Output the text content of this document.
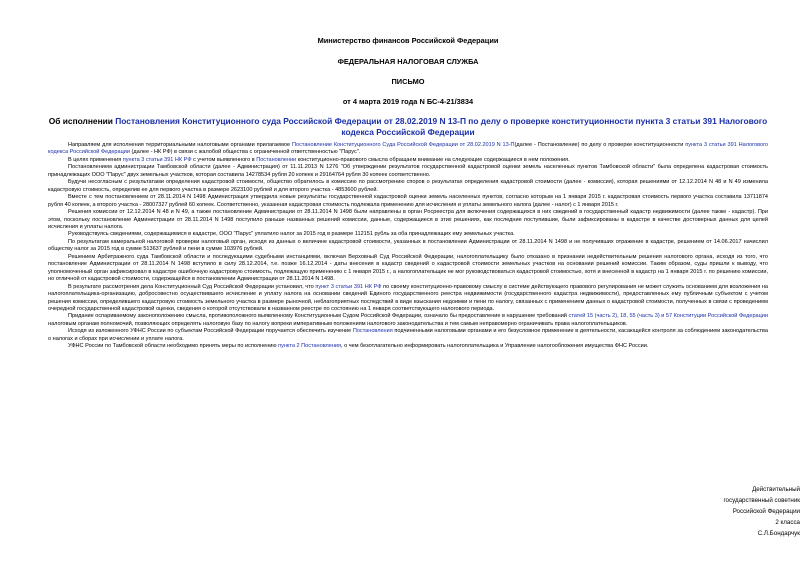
Министерство финансов Российской Федерации
ФЕДЕРАЛЬНАЯ НАЛОГОВАЯ СЛУЖБА
ПИСЬМО
от 4 марта 2019 года N БС-4-21/3834
Об исполнении Постановления Конституционного суда Российской Федерации от 28.02.2019 N 13-П по делу о проверке конституционности пункта 3 статьи 391 Налогового кодекса Российской Федерации

Направляем для исполнения территориальными налоговыми органами прилагаемое Постановление Конституционного Суда Российской Федерации от 28.02.2019 N 13-П(далее - Постановление) по делу о проверке конституционности пункта 3 статьи 391 Налогового кодекса Российской Федерации (далее - НК РФ) в связи с жалобой общества с ограниченной ответственностью "Парус".

В целях применения пункта 3 статьи 391 НК РФ с учетом выявленного в Постановлении конституционно-правового смысла обращаем внимание на следующие содержащиеся в нем положения.

Постановлением администрации Тамбовской области (далее - Администрация) от 11.11.2013 N 1276 "Об утверждении результатов государственной кадастровой оценки земель населенных пунктов Тамбовской области" была определена кадастровая стоимость принадлежащих ООО "Парус" двух земельных участков, которая составила 14278534 рубля 20 копеек и 29164764 рубля 30 копеек соответственно.

Будучи несогласным с результатами определения кадастровой стоимости, общество обратилось в комиссию по рассмотрению споров о результатах определения кадастровой стоимости (далее - комиссия), которая решениями от 12.12.2014 N 48 и N 49 изменила кадастровую стоимость, определив ее для первого участка в размере 2623100 рублей и для второго участка - 4853600 рублей.

Вместе с тем постановлением от 28.11.2014 N 1498 Администрация утвердила новые результаты государственной кадастровой оценки земель населенных пунктов, согласно которым на 1 января 2015 г. кадастровая стоимость первого участка составила 13711874 рубля 40 копеек, а второго участка - 28007327 рублей 60 копеек. Соответственно, указанная кадастровая стоимость подлежала применению для исчисления и уплаты земельного налога (далее - налог) с 1 января 2015 г.

Решения комиссии от 12.12.2014 N 48 и N 49, а также постановление Администрации от 28.11.2014 N 1498 были направлены в орган Росреестра для включения содержащихся в них сведений в государственный кадастр недвижимости (далее также - кадастр). При этом, поскольку постановление Администрации от 28.11.2014 N 1498 поступило раньше названных решений комиссии, данные, содержащиеся в этих решениях, как последние поступившие, были зафиксированы в кадастре в качестве достоверных данных для целей исчисления и уплаты налога.

Руководствуясь сведениями, содержащимися в кадастре, ООО "Парус" уплатило налог за 2015 год в размере 112151 рубль за оба принадлежащих ему земельных участка.

По результатам камеральной налоговой проверки налоговый орган, исходя из данных о величине кадастровой стоимости, указанных в постановлении Администрации от 28.11.2014 N 1498 и не получивших отражение в кадастре, решением от 14.06.2017 начислил обществу налог за 2015 год в сумме 513637 рублей и пени в сумме 103976 рублей.

Решением Арбитражного суда Тамбовской области и последующими судебными инстанциями, включая Верховный Суд Российской Федерации, налогоплательщику было отказано в признании недействительным решения налогового органа, исходя из того, что постановление Администрации от 28.11.2014 N 1498 вступило в силу 28.12.2014, т.е. позже 16.12.2014 - даты внесения в кадастр сведений о кадастровой стоимости земельных участков на основании решений комиссии. Таким образом, суды пришли к выводу, что уполномоченный орган зафиксировал в кадастре ошибочную кадастровую стоимость, подлежащую применению с 1 января 2015 г., а налогоплательщик не мог руководствоваться кадастровой стоимостью, хотя и внесенной в кадастр на 1 января 2015 г. по решению комиссии, но отличной от кадастровой стоимости, содержащейся в постановлении Администрации от 28.11.2014 N 1498.

В результате рассмотрения дела Конституционный Суд Российской Федерации установил, что пункт 3 статьи 391 НК РФ по своему конституционно-правовому смыслу в системе действующего правового регулирования не может служить основанием для возложения на налогоплательщика-организацию, добросовестно осуществившего исчисление и уплату налога на основании сведений Единого государственного реестра недвижимости (государственного кадастра недвижимости), предоставленных ему публичным субъектом с учетом решения комиссии, определившего кадастровую стоимость земельного участка в размере рыночной, неблагоприятных последствий в виде взыскания недоимки и пени по налогу, связанных с применением данных о кадастровой стоимости, полученных в связи с проведением очередной государственной кадастровой оценки, сведения о которой отсутствовали в названном реестре по состоянию на 1 января соответствующего налогового периода.

Придание оспариваемому законоположению смысла, противоположного выявленному Конституционным Судом Российской Федерации, означало бы предоставление в нарушение требований статей 15 (часть 2), 18, 55 (часть 3) и 57 Конституции Российской Федерации налоговым органам полномочий, позволяющих определять налоговую базу по налогу вопреки императивным положениям налогового законодательства и тем самым неправомерно ограничивать права налогоплательщиков.

Исходя из изложенного УФНС России по субъектам Российской Федерации поручается обеспечить изучение Постановления подчиненными налоговыми органами и его безусловное применение в деятельности, касающейся контроля за соблюдением законодательства о налогах и сборах при исчислении и уплате налога.

УФНС России по Тамбовской области необходимо принять меры по исполнению пункта 2 Постановления, о чем безотлагательно информировать налогоплательщика и Управление налогообложения имущества ФНС России.

Действительный
государственный советник
Российской Федерации
2 класса
С.Л.Бондарчук
